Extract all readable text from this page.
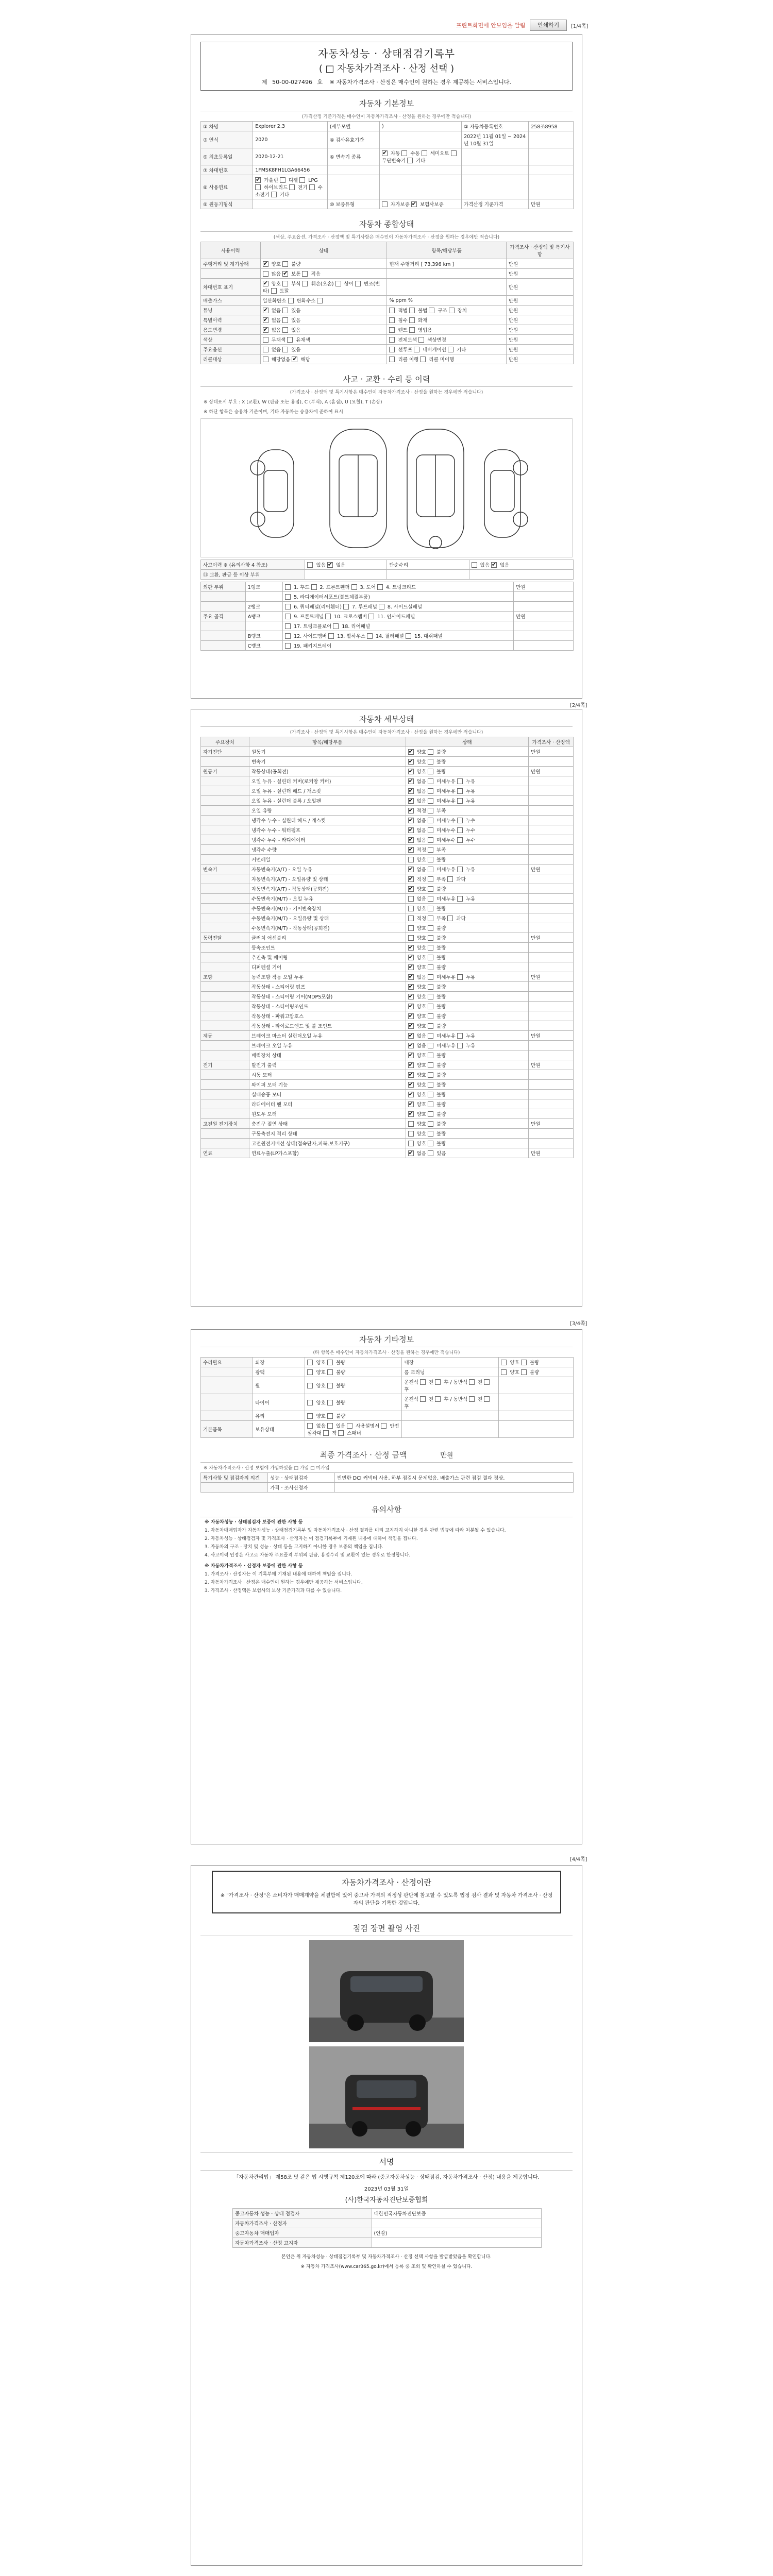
프린트화면에 안보임을 알림	인쇄하기	[1/4쪽]
자동차성능 · 상태점검기록부
( □ 자동차가격조사 · 산정 선택 )
제 50-00-027496 호 ※ 자동차가격조사 · 산정은 매수인이 원하는 경우 제공하는 서비스입니다.
자동차 기본정보
(가격산정 기준가격은 매수인이 자동차가격조사 · 산정을 원하는 경우에만 적습니다)
① 차명	Explorer 2.3	(세부모델	)	② 자동차등록번호	258조8958
③ 연식	2020	④ 검사유효기간		2022년 11월 01일 ~ 2024년 10월 31일	
⑤ 최초등록일	2020-12-21	⑥ 변속기 종류	✔ 자동  수동  세미오토  무단변속기  기타		
⑦ 차대번호	1FMSK8FH1LGA66456				
⑧ 사용연료	✔ 가솔린  디젤  LPG  하이브리드  전기  수소전기  기타				
⑨ 원동기형식		⑩ 보증유형	자가보증 ✔ 보험사보증	가격산정 기준가격	만원
자동차 종합상태
(색상, 주요옵션, 가격조사 · 산정액 및 특기사항은 매수인이 자동차가격조사 · 산정을 원하는 경우에만 적습니다)
사용이력	상태	항목/해당부품	가격조사 · 산정액 및 특기사항
주행거리 및 계기상태	✔ 양호  불량	현재 주행거리 [ 73,396 km ]	만원
	많음 ✔ 보통  적음		만원
차대번호 표기	✔ 양호  부식  훼손(오손)  상이  변조(변타)  도말		만원
배출가스	일산화탄소  탄화수소	% ppm %	만원
튜닝	✔ 없음  있음	적법  불법  구조  장치	만원
특별이력	✔ 없음  있음	침수  화재	만원
용도변경	✔ 없음  있음	렌트  영업용	만원
색상	무채색  유채색	전체도색  색상변경	만원
주요옵션	없음  있음	선루프  네비게이션  기타	만원
리콜대상	해당없음 ✔ 해당	리콜 이행  리콜 미이행	만원
사고 · 교환 · 수리 등 이력
(가격조사 · 산정액 및 특기사항은 매수인이 자동차가격조사 · 산정을 원하는 경우에만 적습니다)
※ 상태표시 부호 : X (교환), W (판금 또는 용접), C (부식), A (흠집), U (요철), T (손상)
※ 하단 항목은 승용차 기준이며, 기타 자동차는 승용차에 준하여 표시
사고이력 ※ (유의사항 4 참조)	있음 ✔ 없음	단순수리	있음 ✔ 없음
⑪ 교환, 판금 등 이상 부위			
외판 부위	1랭크	1. 후드  2. 프론트휀더  3. 도어  4. 트렁크리드	만원
		5. 라디에이터서포트(볼트체결부품)	
	2랭크	6. 쿼터패널(리어휀더)  7. 루프패널  8. 사이드실패널	
주요 골격	A랭크	9. 프론트패널  10. 크로스멤버  11. 인사이드패널	만원
		17. 트렁크플로어  18. 리어패널	
	B랭크	12. 사이드멤버  13. 휠하우스  14. 필러패널  15. 대쉬패널	
	C랭크	19. 패키지트레이	
[2/4쪽]
자동차 세부상태
(가격조사 · 산정액 및 특기사항은 매수인이 자동차가격조사 · 산정을 원하는 경우에만 적습니다)
주요장치	항목/해당부품	상태	가격조사 · 산정액
자기진단	원동기	✔ 양호  불량	만원
	변속기	✔ 양호  불량	
원동기	작동상태(공회전)	✔ 양호  불량	만원
	오일 누유 - 실린더 커버(로커암 커버)	✔ 없음  미세누유  누유	
	오일 누유 - 실린더 헤드 / 개스킷	✔ 없음  미세누유  누유	
	오일 누유 - 실린더 블록 / 오일팬	✔ 없음  미세누유  누유	
	오일 유량	✔ 적정  부족	
	냉각수 누수 - 실린더 헤드 / 개스킷	✔ 없음  미세누수  누수	
	냉각수 누수 - 워터펌프	✔ 없음  미세누수  누수	
	냉각수 누수 - 라디에이터	✔ 없음  미세누수  누수	
	냉각수 수량	✔ 적정  부족	
	커먼레일	양호  불량	
변속기	자동변속기(A/T) - 오일 누유	✔ 없음  미세누유  누유	만원
	자동변속기(A/T) - 오일유량 및 상태	✔ 적정  부족  과다	
	자동변속기(A/T) - 작동상태(공회전)	✔ 양호  불량	
	수동변속기(M/T) - 오일 누유	없음  미세누유  누유	
	수동변속기(M/T) - 기어변속장치	양호  불량	
	수동변속기(M/T) - 오일유량 및 상태	적정  부족  과다	
	수동변속기(M/T) - 작동상태(공회전)	양호  불량	
동력전달	클러치 어셈블리	양호  불량	만원
	등속조인트	✔ 양호  불량	
	추진축 및 베어링	✔ 양호  불량	
	디퍼렌셜 기어	✔ 양호  불량	
조향	동력조향 작동 오일 누유	✔ 없음  미세누유  누유	만원
	작동상태 - 스티어링 펌프	✔ 양호  불량	
	작동상태 - 스티어링 기어(MDPS포함)	✔ 양호  불량	
	작동상태 - 스티어링조인트	✔ 양호  불량	
	작동상태 - 파워고압호스	✔ 양호  불량	
	작동상태 - 타이로드엔드 및 볼 조인트	✔ 양호  불량	
제동	브레이크 마스터 실린더오일 누유	✔ 없음  미세누유  누유	만원
	브레이크 오일 누유	✔ 없음  미세누유  누유	
	배력장치 상태	✔ 양호  불량	
전기	발전기 출력	✔ 양호  불량	만원
	시동 모터	✔ 양호  불량	
	와이퍼 모터 기능	✔ 양호  불량	
	실내송풍 모터	✔ 양호  불량	
	라디에이터 팬 모터	✔ 양호  불량	
	윈도우 모터	✔ 양호  불량	
고전원 전기장치	충전구 절연 상태	양호  불량	만원
	구동축전지 격리 상태	양호  불량	
	고전원전기배선 상태(접속단자,피복,보호기구)	양호  불량	
연료	연료누출(LP가스포함)	✔ 없음  있음	만원
[3/4쪽]
자동차 기타정보
(타 항목은 매수인이 자동차가격조사 · 산정을 원하는 경우에만 적습니다)
수리필요	외장	양호  불량	내장	양호  불량
	광택	양호  불량	룸 크리닝	양호  불량
	휠	양호  불량	운전석  전  후 / 동반석  전  후	
	타이어	양호  불량	운전석  전  후 / 동반석  전  후	
	유리	양호  불량		
기본품목	보유상태	없음  있음  사용설명서  안전삼각대  잭  스패너		
최종 가격조사 · 산정 금액	만원
※ 자동차가격조사 · 산정 보험에 가입하였음 □ 가입 □ 미가입
특기사항 및 점검자의 의견	성능 · 상태점검자	빈번한 DCI 커넥터 사용, 하부 점검시 문제없음. 배출가스 관련 점검 결과 정상.
	가격 · 조사산정자	
유의사항

※ 자동차성능 · 상태점검자 보증에 관한 사항 등

1. 자동차매매업자가 자동차성능 · 상태점검기록부 및 자동차가격조사 · 산정 결과를 미리 고지하지 아니한 경우 관련 법규에 따라 처분될 수 있습니다.

2. 자동차성능 · 상태점검자 및 가격조사 · 산정자는 이 점검기록부에 기재된 내용에 대하여 책임을 집니다.

3. 자동차의 구조 · 장치 및 성능 · 상태 등을 고지하지 아니한 경우 보증의 책임을 집니다.

4. 사고이력 인정은 사고로 자동차 주요골격 부위의 판금, 용접수리 및 교환이 있는 경우로 한정합니다.

※ 자동차가격조사 · 산정자 보증에 관한 사항 등

1. 가격조사 · 산정자는 이 기록부에 기재된 내용에 대하여 책임을 집니다.

2. 자동차가격조사 · 산정은 매수인이 원하는 경우에만 제공하는 서비스입니다.

3. 가격조사 · 산정액은 보험사의 보상 기준가격과 다를 수 있습니다.

[4/4쪽]
자동차가격조사 · 산정이란
※ "가격조사 · 산정"은 소비자가 매매계약을 체결함에 있어 중고차 가격의 적정성 판단에 참고할 수 있도록 법정 검사 결과 및 자동차 가격조사 · 산정자의 판단을 기록한 것입니다.
점검 장면 촬영 사진
서명
「자동차관리법」 제58조 및 같은 법 시행규칙 제120조에 따라 (중고자동차성능 · 상태점검, 자동차가격조사 · 산정) 내용을 제공합니다.
2023년 03월 31일
(사)한국자동차진단보증협회
중고자동차 성능 · 상태 점검자	대한민국자동차진단보증
자동차가격조사 · 산정자	
중고자동차 매매업자	(인감)
자동차가격조사 · 산정 고지자	
본인은 위 자동차성능 · 상태점검기록부 및 자동차가격조사 · 산정 선택 사항을 발급받았음을 확인합니다.
※ 자동차 가격조사(www.car365.go.kr)에서 등록 중 조회 및 확인하실 수 있습니다.
